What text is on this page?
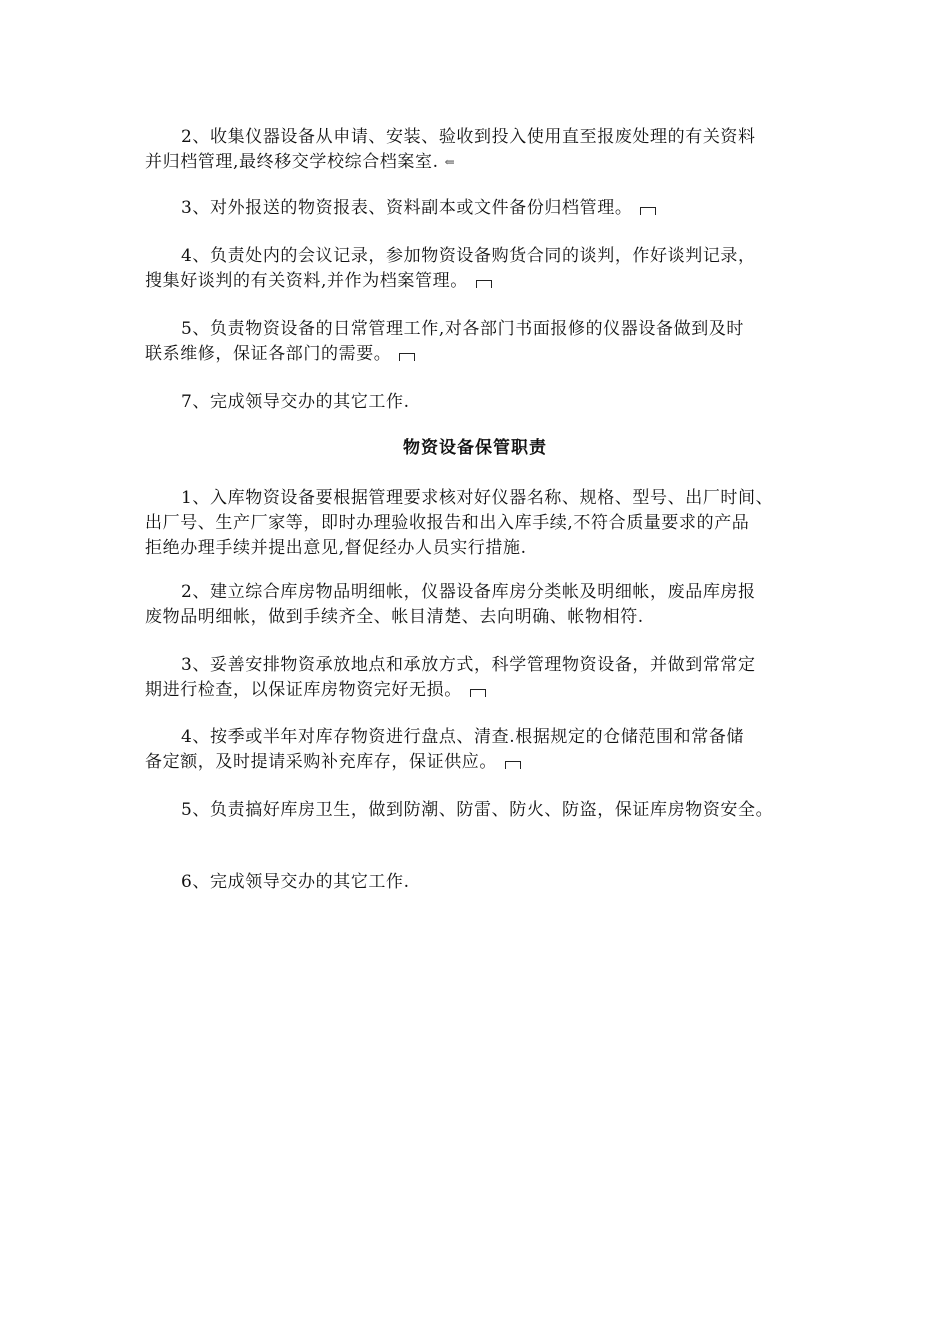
2、收集仪器设备从申请、安装、验收到投入使用直至报废处理的有关资料
并归档管理,最终移交学校综合档案室. ⇐
3、对外报送的物资报表、资料副本或文件备份归档管理。
4、负责处内的会议记录，参加物资设备购货合同的谈判，作好谈判记录，
搜集好谈判的有关资料,并作为档案管理。
5、负责物资设备的日常管理工作,对各部门书面报修的仪器设备做到及时
联系维修，保证各部门的需要。
7、完成领导交办的其它工作.
物资设备保管职责
1、入库物资设备要根据管理要求核对好仪器名称、规格、型号、出厂时间、
出厂号、生产厂家等，即时办理验收报告和出入库手续,不符合质量要求的产品
拒绝办理手续并提出意见,督促经办人员实行措施.
2、建立综合库房物品明细帐，仪器设备库房分类帐及明细帐，废品库房报
废物品明细帐，做到手续齐全、帐目清楚、去向明确、帐物相符.
3、妥善安排物资承放地点和承放方式，科学管理物资设备，并做到常常定
期进行检查，以保证库房物资完好无损。
4、按季或半年对库存物资进行盘点、清查.根据规定的仓储范围和常备储
备定额，及时提请采购补充库存，保证供应。
5、负责搞好库房卫生，做到防潮、防雷、防火、防盗，保证库房物资安全。
6、完成领导交办的其它工作.
